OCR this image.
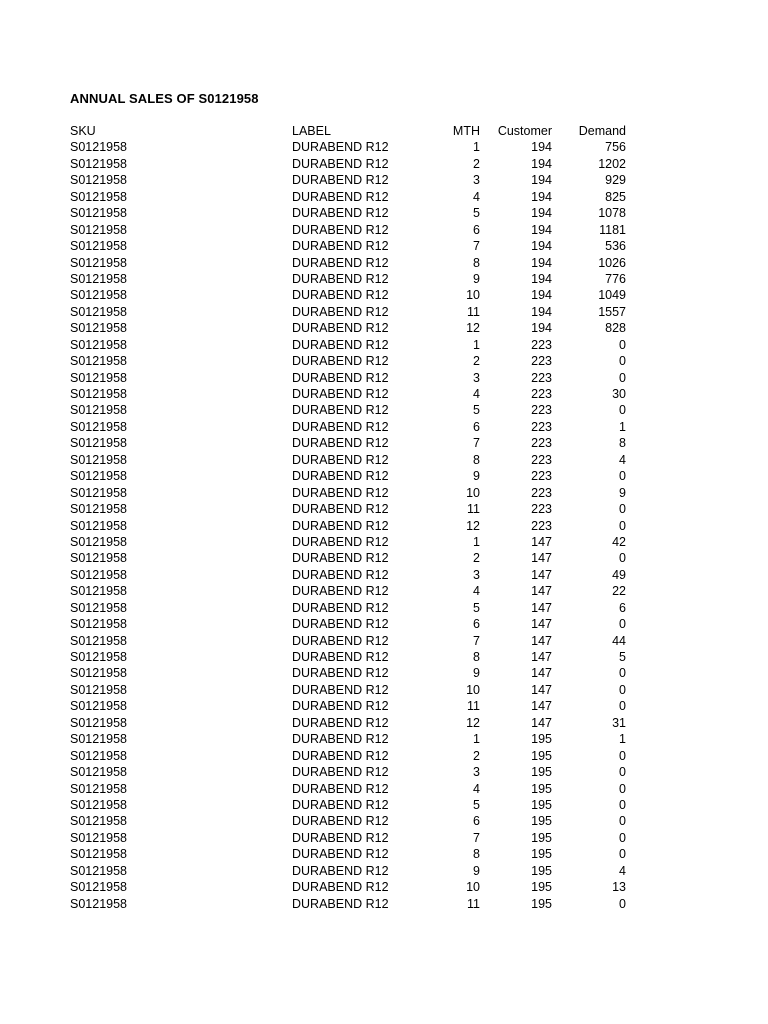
ANNUAL SALES OF S0121958
SKU	LABEL	MTH Customer Demand
S0121958	DURABEND R12	1	194	756
S0121958	DURABEND R12	2	194	1202
S0121958	DURABEND R12	3	194	929
S0121958	DURABEND R12	4	194	825
S0121958	DURABEND R12	5	194	1078
S0121958	DURABEND R12	6	194	1181
S0121958	DURABEND R12	7	194	536
S0121958	DURABEND R12	8	194	1026
S0121958	DURABEND R12	9	194	776
S0121958	DURABEND R12	10	194	1049
S0121958	DURABEND R12	11	194	1557
S0121958	DURABEND R12	12	194	828
S0121958	DURABEND R12	1	223	0
S0121958	DURABEND R12	2	223	0
S0121958	DURABEND R12	3	223	0
S0121958	DURABEND R12	4	223	30
S0121958	DURABEND R12	5	223	0
S0121958	DURABEND R12	6	223	1
S0121958	DURABEND R12	7	223	8
S0121958	DURABEND R12	8	223	4
S0121958	DURABEND R12	9	223	0
S0121958	DURABEND R12	10	223	9
S0121958	DURABEND R12	11	223	0
S0121958	DURABEND R12	12	223	0
S0121958	DURABEND R12	1	147	42
S0121958	DURABEND R12	2	147	0
S0121958	DURABEND R12	3	147	49
S0121958	DURABEND R12	4	147	22
S0121958	DURABEND R12	5	147	6
S0121958	DURABEND R12	6	147	0
S0121958	DURABEND R12	7	147	44
S0121958	DURABEND R12	8	147	5
S0121958	DURABEND R12	9	147	0
S0121958	DURABEND R12	10	147	0
S0121958	DURABEND R12	11	147	0
S0121958	DURABEND R12	12	147	31
S0121958	DURABEND R12	1	195	1
S0121958	DURABEND R12	2	195	0
S0121958	DURABEND R12	3	195	0
S0121958	DURABEND R12	4	195	0
S0121958	DURABEND R12	5	195	0
S0121958	DURABEND R12	6	195	0
S0121958	DURABEND R12	7	195	0
S0121958	DURABEND R12	8	195	0
S0121958	DURABEND R12	9	195	4
S0121958	DURABEND R12	10	195	13
S0121958	DURABEND R12	11	195	0
